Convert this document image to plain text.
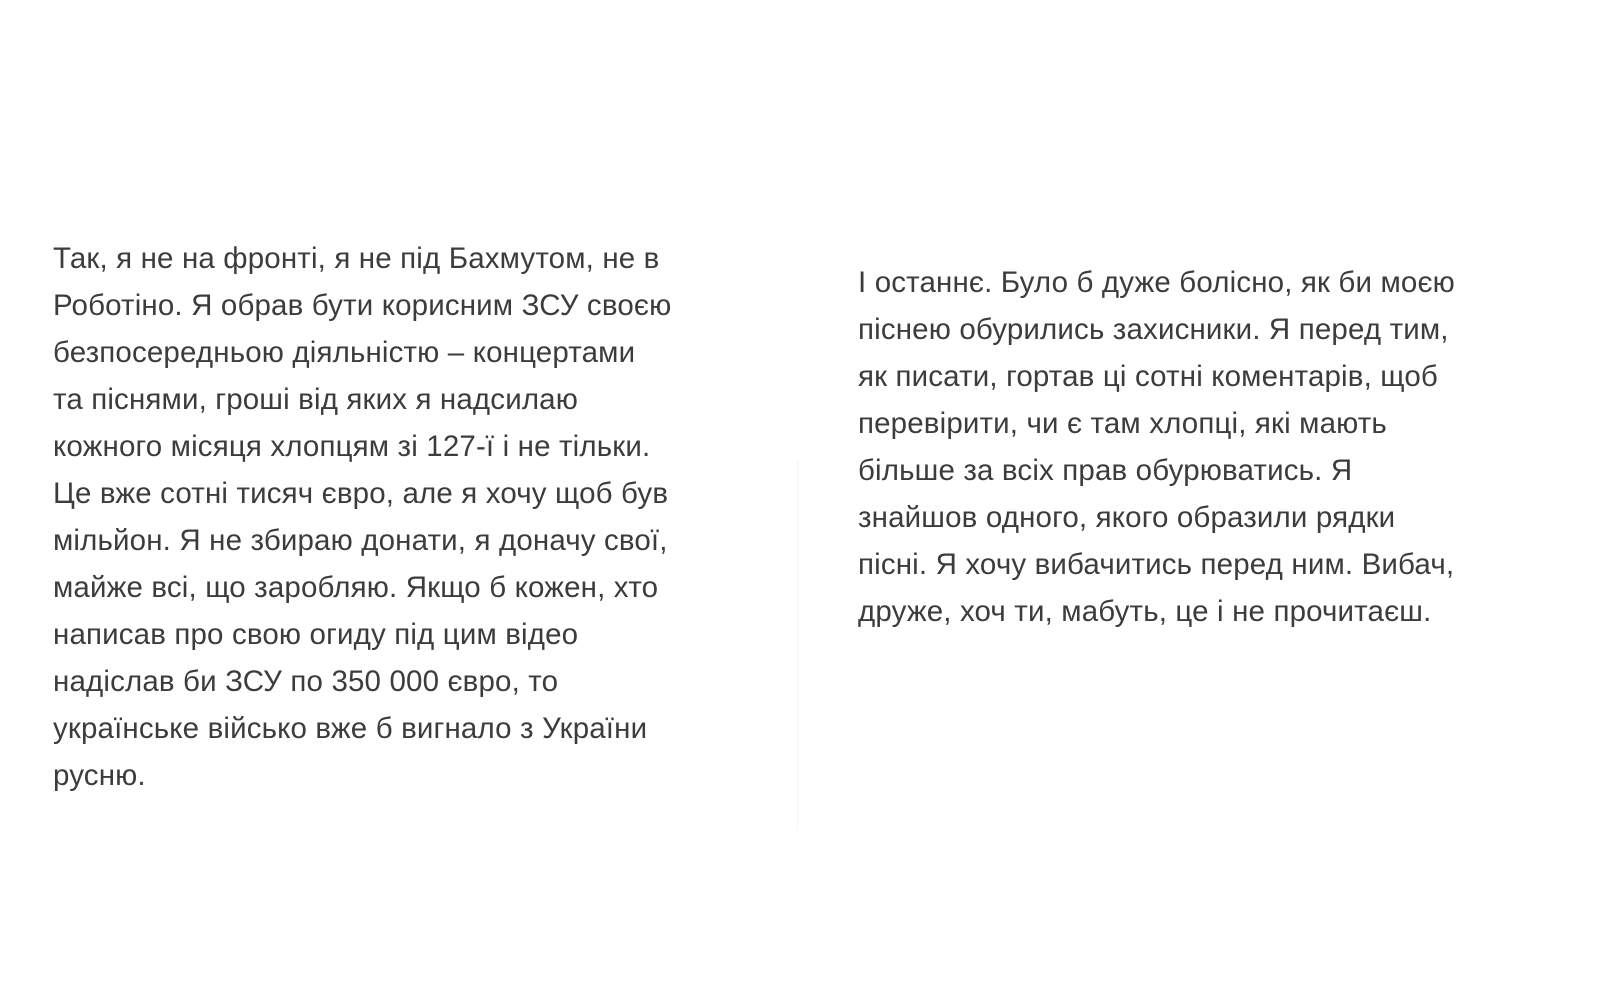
Так, я не на фронті, я не під Бахмутом, не в
Роботіно. Я обрав бути корисним ЗСУ своєю
безпосередньою діяльністю – концертами
та піснями, гроші від яких я надсилаю
кожного місяця хлопцям зі 127-ї і не тільки.
Це вже сотні тисяч євро, але я хочу щоб був
мільйон. Я не збираю донати, я доначу свої,
майже всі, що заробляю. Якщо б кожен, хто
написав про свою огиду під цим відео
надіслав би ЗСУ по 350 000 євро, то
українське військо вже б вигнало з України
русню.
І останнє. Було б дуже болісно, як би моєю
піснею обурились захисники. Я перед тим,
як писати, гортав ці сотні коментарів, щоб
перевірити, чи є там хлопці, які мають
більше за всіх прав обурюватись. Я
знайшов одного, якого образили рядки
пісні. Я хочу вибачитись перед ним. Вибач,
друже, хоч ти, мабуть, це і не прочитаєш.
